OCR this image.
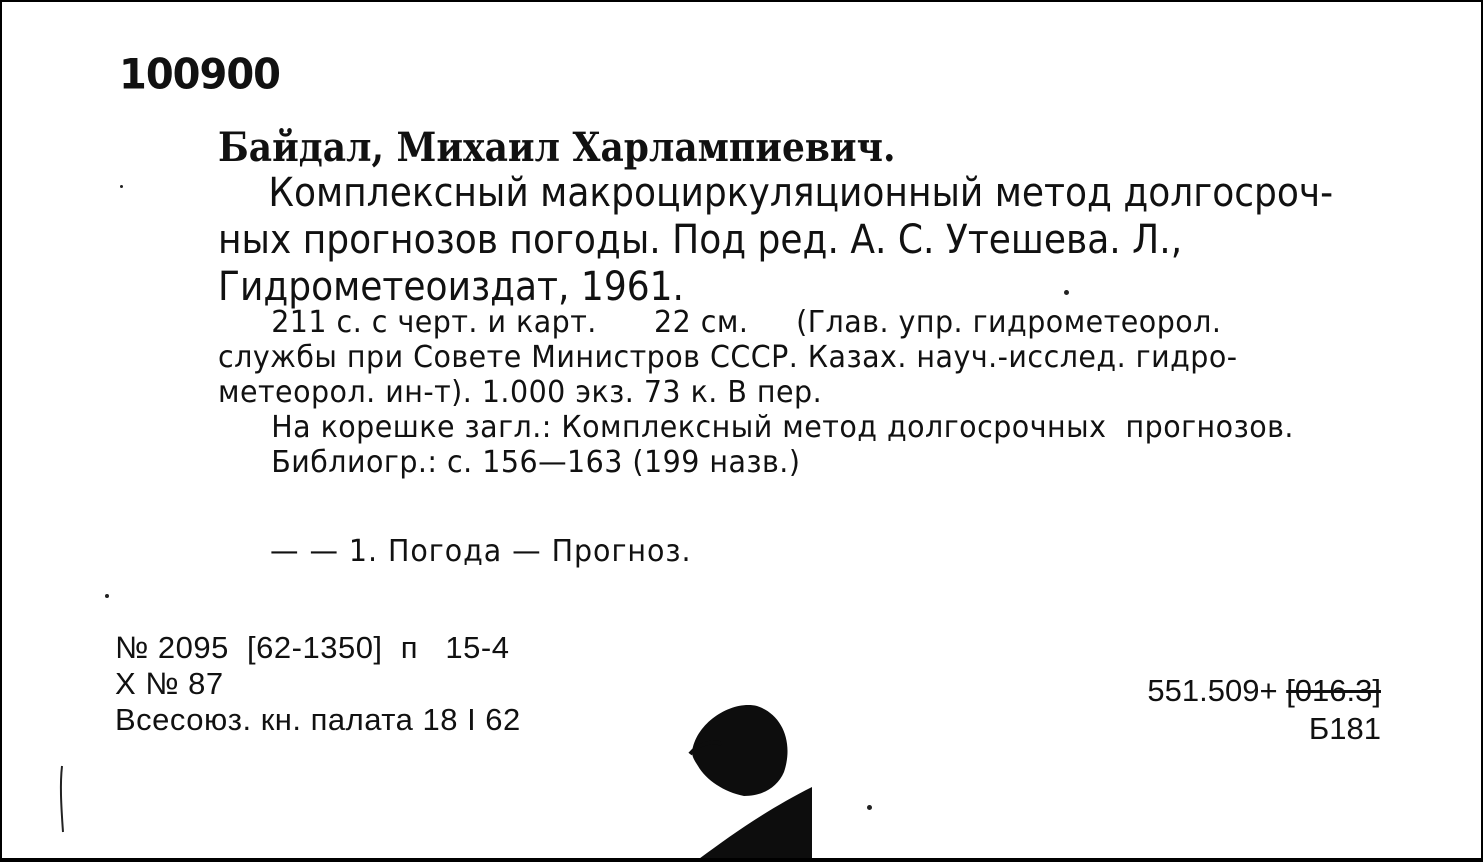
100900
Байдал, Михаил Харлампиевич.
Комплексный макроциркуляционный метод долгосроч-
ных прогнозов погоды. Под ред. А. С. Утешева. Л.,
Гидрометеоиздат, 1961.
211 с. с черт. и карт.      22 см.     (Глав. упр. гидрометеорол.
службы при Совете Министров СССР. Казах. науч.-исслед. гидро-
метеорол. ин-т). 1.000 экз. 73 к. В пер.
На корешке загл.: Комплексный метод долгосрочных  прогнозов.
Библиогр.: с. 156—163 (199 назв.)
— — 1. Погода — Прогноз.
№ 2095  [62-1350]  п   15-4
Х № 87
Всесоюз. кн. палата 18 I 62
551.509+ [016.3]
Б181
